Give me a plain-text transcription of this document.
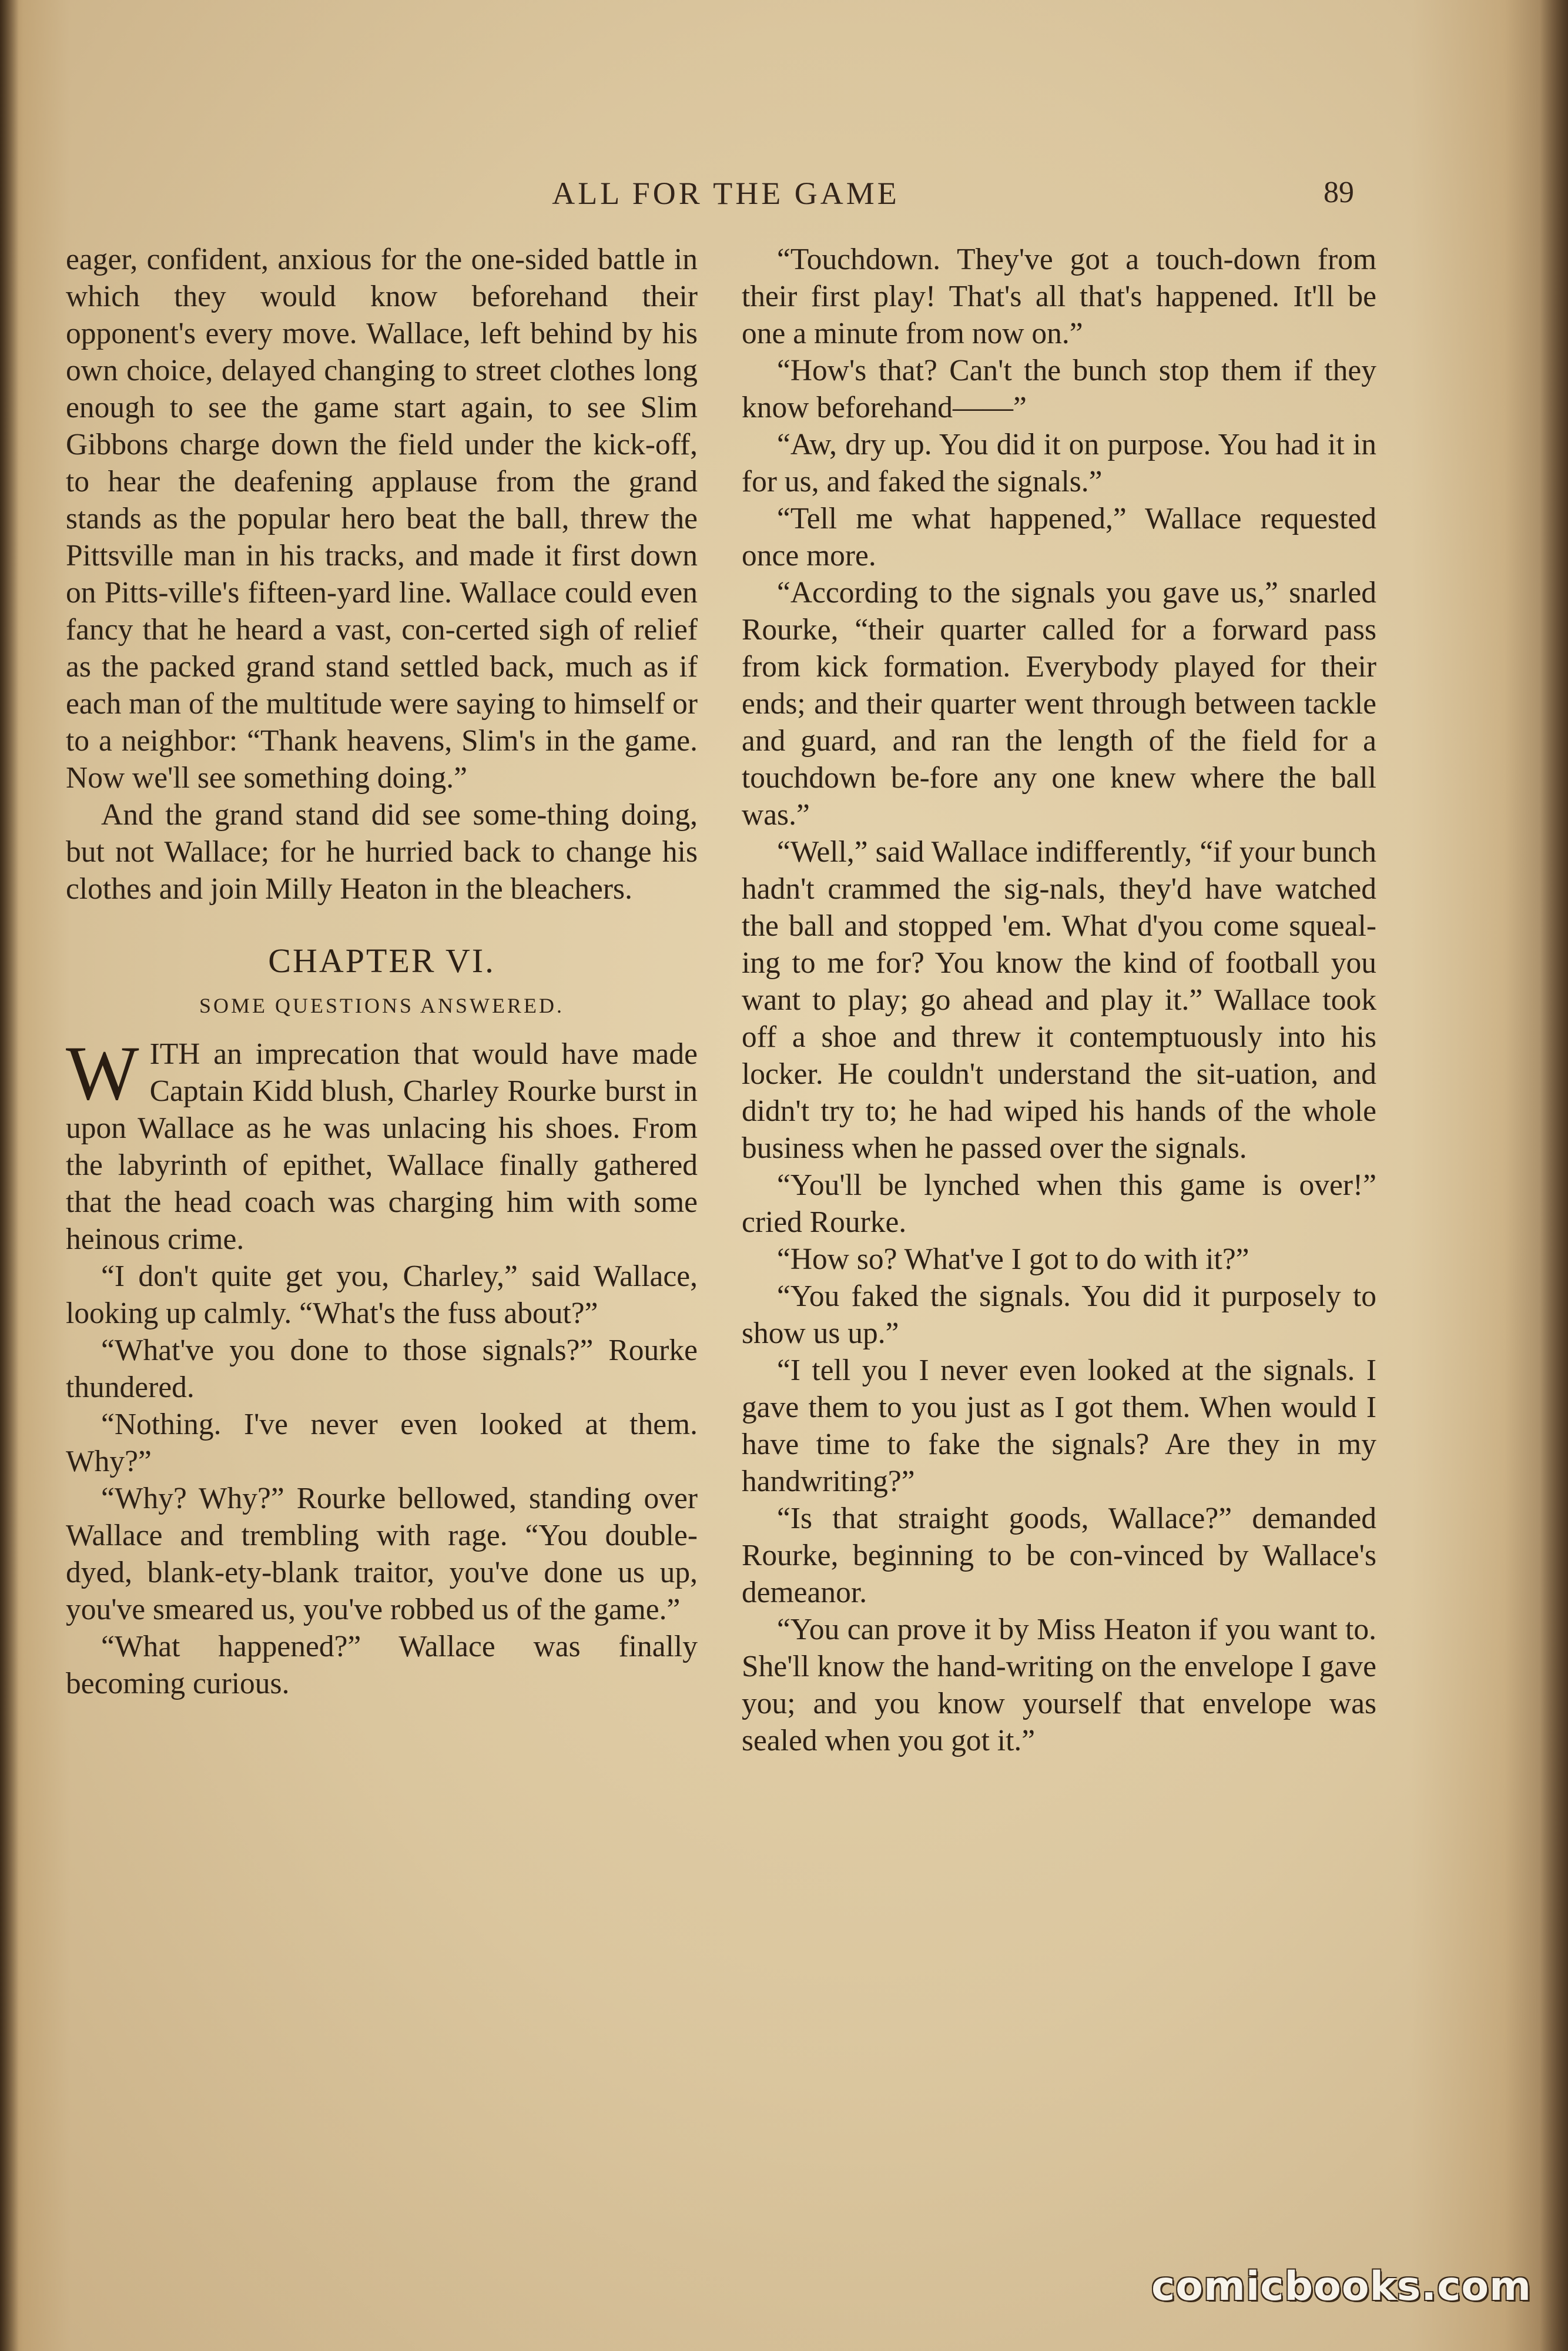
ALL FOR THE GAME	89

eager, confident, anxious for the one-sided battle in which they would know beforehand their opponent's every move. Wallace, left behind by his own choice, delayed changing to street clothes long enough to see the game start again, to see Slim Gibbons charge down the field under the kick-off, to hear the deafening applause from the grand stands as the popular hero beat the ball, threw the Pittsville man in his tracks, and made it first down on Pitts-ville's fifteen-yard line. Wallace could even fancy that he heard a vast, con-certed sigh of relief as the packed grand stand settled back, much as if each man of the multitude were saying to himself or to a neighbor: “Thank heavens, Slim's in the game. Now we'll see something doing.”

And the grand stand did see some-thing doing, but not Wallace; for he hurried back to change his clothes and join Milly Heaton in the bleachers.

CHAPTER VI.

SOME QUESTIONS ANSWERED.

WITH an imprecation that would have made Captain Kidd blush, Charley Rourke burst in upon Wallace as he was unlacing his shoes. From the labyrinth of epithet, Wallace finally gathered that the head coach was charging him with some heinous crime.

“I don't quite get you, Charley,” said Wallace, looking up calmly. “What's the fuss about?”

“What've you done to those signals?” Rourke thundered.

“Nothing. I've never even looked at them. Why?”

“Why? Why?” Rourke bellowed, standing over Wallace and trembling with rage. “You double-dyed, blank-ety-blank traitor, you've done us up, you've smeared us, you've robbed us of the game.”

“What happened?” Wallace was finally becoming curious.

“Touchdown. They've got a touch-down from their first play! That's all that's happened. It'll be one a minute from now on.”

“How's that? Can't the bunch stop them if they know beforehand——”

“Aw, dry up. You did it on purpose. You had it in for us, and faked the signals.”

“Tell me what happened,” Wallace requested once more.

“According to the signals you gave us,” snarled Rourke, “their quarter called for a forward pass from kick formation. Everybody played for their ends; and their quarter went through between tackle and guard, and ran the length of the field for a touchdown be-fore any one knew where the ball was.”

“Well,” said Wallace indifferently, “if your bunch hadn't crammed the sig-nals, they'd have watched the ball and stopped 'em. What d'you come squeal-ing to me for? You know the kind of football you want to play; go ahead and play it.” Wallace took off a shoe and threw it contemptuously into his locker. He couldn't understand the sit-uation, and didn't try to; he had wiped his hands of the whole business when he passed over the signals.

“You'll be lynched when this game is over!” cried Rourke.

“How so? What've I got to do with it?”

“You faked the signals. You did it purposely to show us up.”

“I tell you I never even looked at the signals. I gave them to you just as I got them. When would I have time to fake the signals? Are they in my handwriting?”

“Is that straight goods, Wallace?” demanded Rourke, beginning to be con-vinced by Wallace's demeanor.

“You can prove it by Miss Heaton if you want to. She'll know the hand-writing on the envelope I gave you; and you know yourself that envelope was sealed when you got it.”

comicbooks.com
